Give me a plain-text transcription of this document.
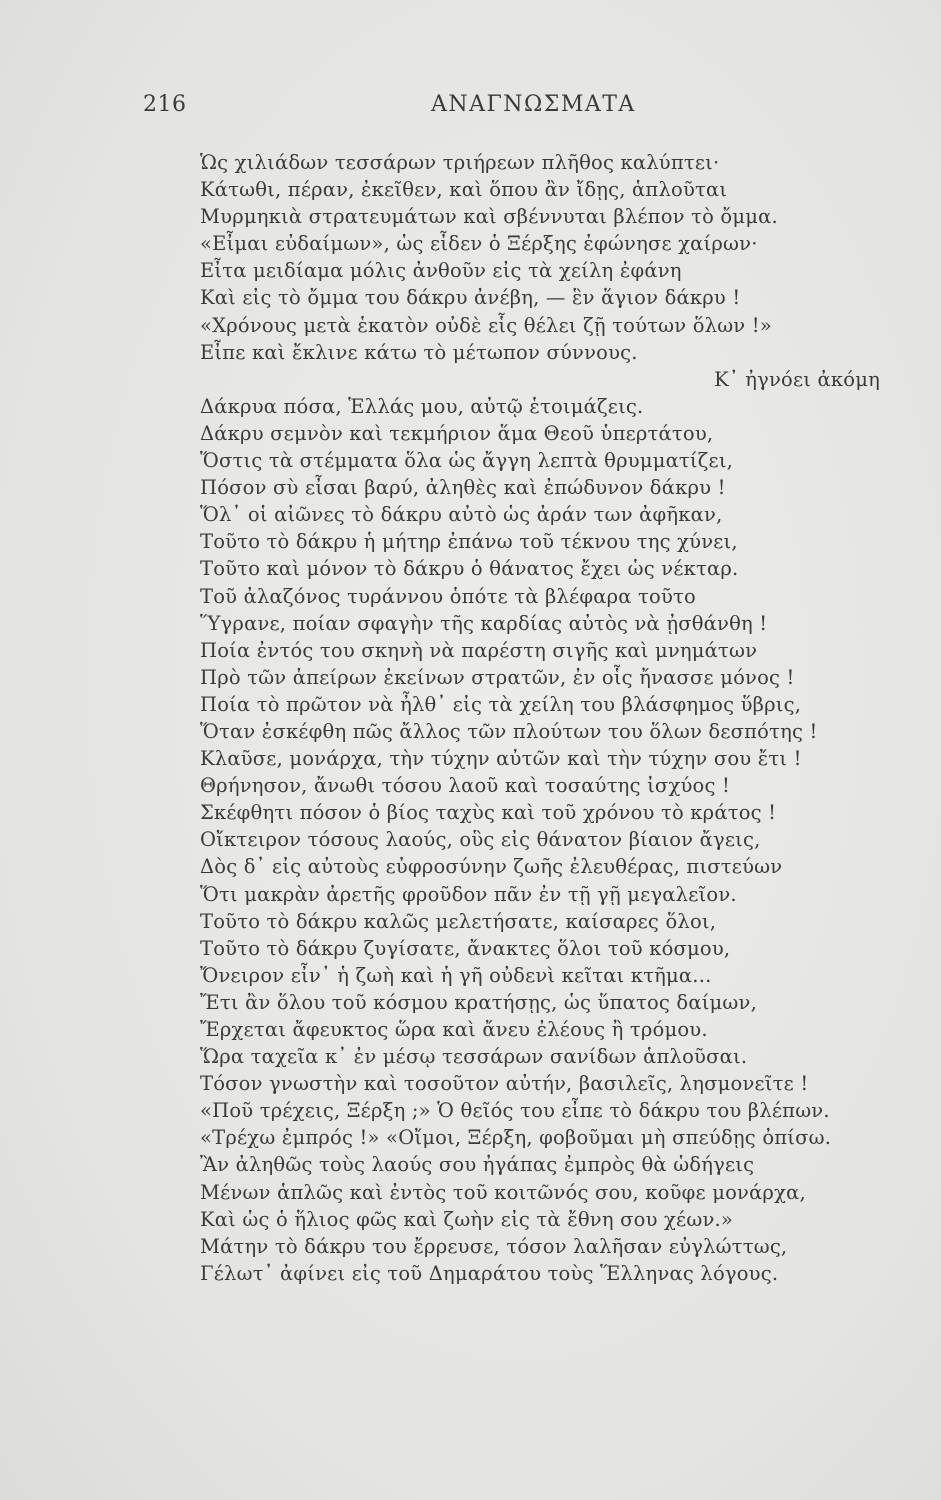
216	ΑΝΑΓΝΩΣΜΑΤΑ
Ὡς χιλιάδων τεσσάρων τριήρεων πλῆθος καλύπτει·
Κάτωθι, πέραν, ἐκεῖθεν, καὶ ὅπου ἂν ἴδῃς, ἁπλοῦται
Μυρμηκιὰ στρατευμάτων καὶ σβέννυται βλέπον τὸ ὄμμα.
«Εἶμαι εὐδαίμων», ὡς εἶδεν ὁ Ξέρξης ἐφώνησε χαίρων·
Εἶτα μειδίαμα μόλις ἀνθοῦν εἰς τὰ χείλη ἐφάνη
Καὶ εἰς τὸ ὄμμα του δάκρυ ἀνέβη, — ἓν ἅγιον δάκρυ !
«Χρόνους μετὰ ἑκατὸν οὐδὲ εἷς θέλει ζῇ τούτων ὅλων !»
Εἶπε καὶ ἔκλινε κάτω τὸ μέτωπον σύννους.
Κ᾽ ἠγνόει ἀκόμη
Δάκρυα πόσα, Ἑλλάς μου, αὐτῷ ἑτοιμάζεις.
Δάκρυ σεμνὸν καὶ τεκμήριον ἅμα Θεοῦ ὑπερτάτου,
Ὅστις τὰ στέμματα ὅλα ὡς ἄγγη λεπτὰ θρυμματίζει,
Πόσον σὺ εἶσαι βαρύ, ἀληθὲς καὶ ἐπώδυνον δάκρυ !
Ὅλ᾽ οἱ αἰῶνες τὸ δάκρυ αὐτὸ ὡς ἀράν των ἀφῆκαν,
Τοῦτο τὸ δάκρυ ἡ μήτηρ ἐπάνω τοῦ τέκνου της χύνει,
Τοῦτο καὶ μόνον τὸ δάκρυ ὁ θάνατος ἔχει ὡς νέκταρ.
Τοῦ ἀλαζόνος τυράννου ὁπότε τὰ βλέφαρα τοῦτο
Ὕγρανε, ποίαν σφαγὴν τῆς καρδίας αὐτὸς νὰ ᾐσθάνθη !
Ποία ἐντός του σκηνὴ νὰ παρέστη σιγῆς καὶ μνημάτων
Πρὸ τῶν ἀπείρων ἐκείνων στρατῶν, ἐν οἷς ἤνασσε μόνος !
Ποία τὸ πρῶτον νὰ ἦλθ᾽ εἰς τὰ χείλη του βλάσφημος ὕβρις,
Ὅταν ἐσκέφθη πῶς ἄλλος τῶν πλούτων του ὅλων δεσπότης !
Κλαῦσε, μονάρχα, τὴν τύχην αὐτῶν καὶ τὴν τύχην σου ἔτι !
Θρήνησον, ἄνωθι τόσου λαοῦ καὶ τοσαύτης ἰσχύος !
Σκέφθητι πόσον ὁ βίος ταχὺς καὶ τοῦ χρόνου τὸ κράτος !
Οἴκτειρον τόσους λαούς, οὓς εἰς θάνατον βίαιον ἄγεις,
Δὸς δ᾽ εἰς αὐτοὺς εὐφροσύνην ζωῆς ἐλευθέρας, πιστεύων
Ὅτι μακρὰν ἀρετῆς φροῦδον πᾶν ἐν τῇ γῇ μεγαλεῖον.
Τοῦτο τὸ δάκρυ καλῶς μελετήσατε, καίσαρες ὅλοι,
Τοῦτο τὸ δάκρυ ζυγίσατε, ἄνακτες ὅλοι τοῦ κόσμου,
Ὄνειρον εἶν᾽ ἡ ζωὴ καὶ ἡ γῆ οὐδενὶ κεῖται κτῆμα...
Ἔτι ἂν ὅλου τοῦ κόσμου κρατήσῃς, ὡς ὕπατος δαίμων,
Ἔρχεται ἄφευκτος ὥρα καὶ ἄνευ ἐλέους ἢ τρόμου.
Ὥρα ταχεῖα κ᾽ ἐν μέσῳ τεσσάρων σανίδων ἁπλοῦσαι.
Τόσον γνωστὴν καὶ τοσοῦτον αὐτήν, βασιλεῖς, λησμονεῖτε !
«Ποῦ τρέχεις, Ξέρξη ;» Ὁ θεῖός του εἶπε τὸ δάκρυ του βλέπων.
«Τρέχω ἐμπρός !» «Οἴμοι, Ξέρξη, φοβοῦμαι μὴ σπεύδῃς ὀπίσω.
Ἂν ἀληθῶς τοὺς λαούς σου ἠγάπας ἐμπρὸς θὰ ὡδήγεις
Μένων ἁπλῶς καὶ ἐντὸς τοῦ κοιτῶνός σου, κοῦφε μονάρχα,
Καὶ ὡς ὁ ἥλιος φῶς καὶ ζωὴν εἰς τὰ ἔθνη σου χέων.»
Μάτην τὸ δάκρυ του ἔρρευσε, τόσον λαλῆσαν εὐγλώττως,
Γέλωτ᾽ ἀφίνει εἰς τοῦ Δημαράτου τοὺς Ἕλληνας λόγους.
